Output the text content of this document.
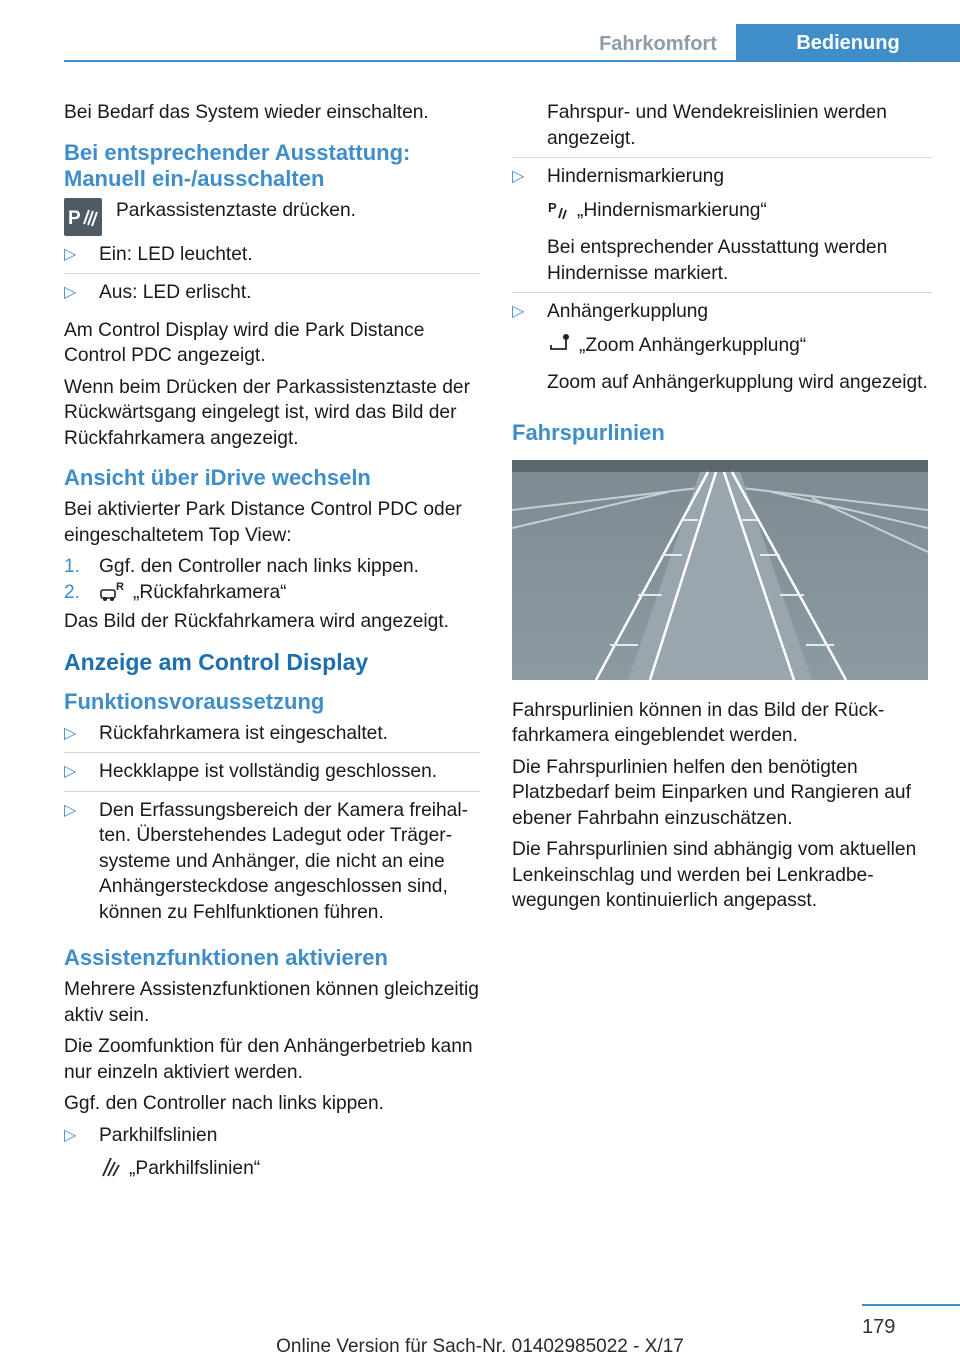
Fahrkomfort	Bedienung

Bei Bedarf das System wieder einschalten.

Bei entsprechender Ausstattung: Manuell ein-/ausschalten
P Parkassistenztaste drücken.
▷ Ein: LED leuchtet.
▷ Aus: LED erlischt.

Am Control Display wird die Park Distance Control PDC angezeigt.

Wenn beim Drücken der Parkassistenztaste der Rückwärtsgang eingelegt ist, wird das Bild der Rückfahrkamera angezeigt.

Ansicht über iDrive wechseln

Bei aktivierter Park Distance Control PDC oder eingeschaltetem Top View:

1. Ggf. den Controller nach links kippen.
2.	R „Rückfahrkamera“

Das Bild der Rückfahrkamera wird angezeigt.

Anzeige am Control Display
Funktionsvoraussetzung
▷ Rückfahrkamera ist eingeschaltet.
▷ Heckklappe ist vollständig geschlossen.
▷ Den Erfassungsbereich der Kamera freihalten. Überstehendes Ladegut oder Trägersysteme und Anhänger, die nicht an eine Anhängersteckdose angeschlossen sind, können zu Fehlfunktionen führen.
Assistenzfunktionen aktivieren

Mehrere Assistenzfunktionen können gleichzeitig aktiv sein.

Die Zoomfunktion für den Anhängerbetrieb kann nur einzeln aktiviert werden.

Ggf. den Controller nach links kippen.

▷ Parkhilfslinien
„Parkhilfslinien“
Fahrspur- und Wendekreislinien werden angezeigt.
▷ Hindernismarkierung
P „Hindernismarkierung“
Bei entsprechender Ausstattung werden Hindernisse markiert.
▷ Anhängerkupplung
„Zoom Anhängerkupplung“
Zoom auf Anhängerkupplung wird angezeigt.
Fahrspurlinien

Fahrspurlinien können in das Bild der Rückfahrkamera eingeblendet werden.

Die Fahrspurlinien helfen den benötigten Platzbedarf beim Einparken und Rangieren auf ebener Fahrbahn einzuschätzen.

Die Fahrspurlinien sind abhängig vom aktuellen Lenkeinschlag und werden bei Lenkradbewegungen kontinuierlich angepasst.

179
Online Version für Sach-Nr. 01402985022 - X/17
